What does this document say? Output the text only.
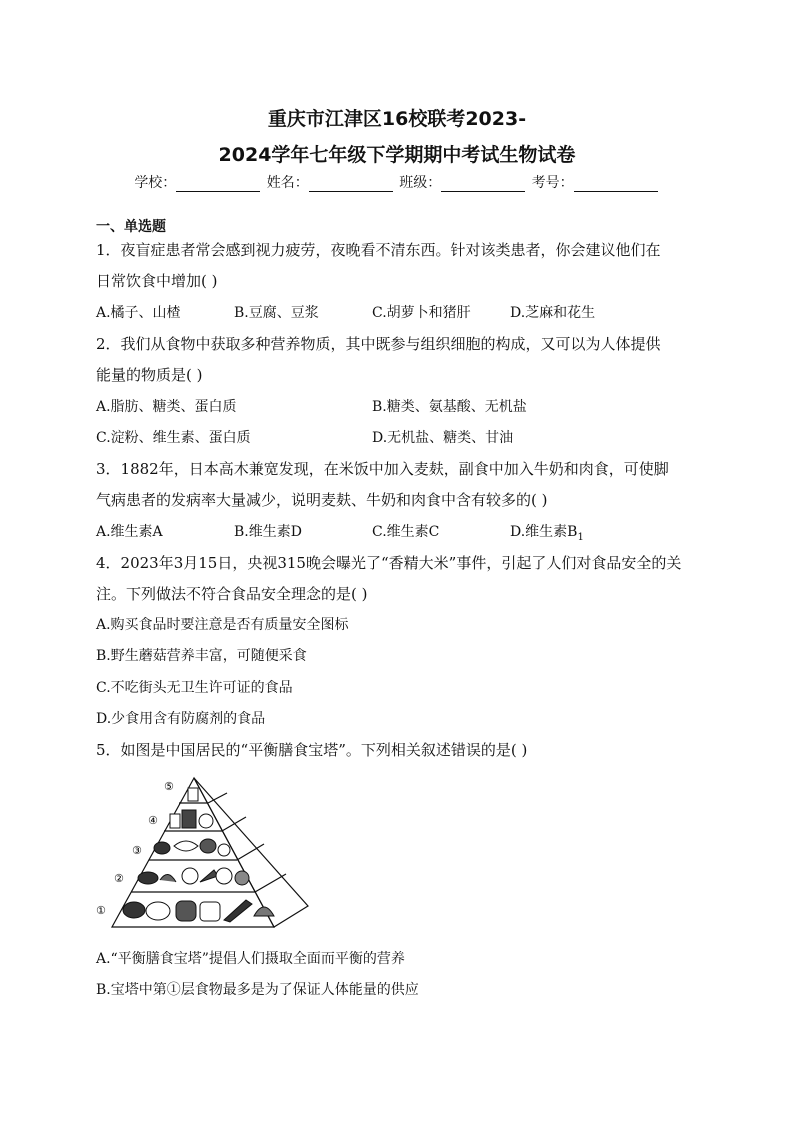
重庆市江津区16校联考2023-
2024学年七年级下学期期中考试生物试卷
学校：	姓名：	班级：	考号：
一、单选题
1．夜盲症患者常会感到视力疲劳，夜晚看不清东西。针对该类患者，你会建议他们在
日常饮食中增加( )
A.橘子、山楂	B.豆腐、豆浆	C.胡萝卜和猪肝	D.芝麻和花生
2．我们从食物中获取多种营养物质，其中既参与组织细胞的构成，又可以为人体提供
能量的物质是( )
A.脂肪、糖类、蛋白质	B.糖类、氨基酸、无机盐
C.淀粉、维生素、蛋白质	D.无机盐、糖类、甘油
3．1882年，日本高木兼宽发现，在米饭中加入麦麸，副食中加入牛奶和肉食，可使脚
气病患者的发病率大量减少，说明麦麸、牛奶和肉食中含有较多的( )
A.维生素A	B.维生素D	C.维生素C	D.维生素$B_1$
4．2023年3月15日，央视315晚会曝光了“香精大米”事件，引起了人们对食品安全的关
注。下列做法不符合食品安全理念的是( )
A.购买食品时要注意是否有质量安全图标
B.野生蘑菇营养丰富，可随便采食
C.不吃街头无卫生许可证的食品
D.少食用含有防腐剂的食品
5．如图是中国居民的“平衡膳食宝塔”。下列相关叙述错误的是( )
①
②
③
④
⑤
A.“平衡膳食宝塔”提倡人们摄取全面而平衡的营养
B.宝塔中第①层食物最多是为了保证人体能量的供应
